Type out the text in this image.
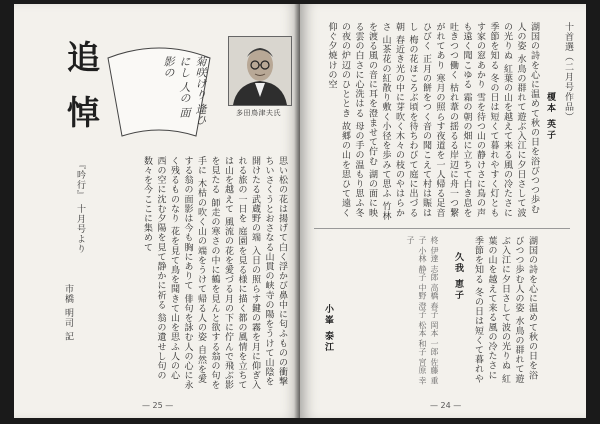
追悼	菊咲けり 逢ひにし 人の 面影の
多田鳥津夫氏
思い松の花は揚げて白く浮かび鼻中に匂ふものの衝撃 ちいさくうとおさなる山貫の峡寺の陽をうけて山陰を開けたる武蔵野の端 入日の照らす鍵の霧を月に仰ぎ入れる旅の一日を 庭園を見る様に描く都の風情を立ちては山を越えて 風流の花を愛づる月の下に佇んで飛ぶ影を見たる 師走の寒さの中に鶴を見んと欲する翁の句を手に 木枯の吹く山の端をうけて帰る人の姿 自然を愛する翁の面影は今も胸にありて 俳句を詠む人の心に永く残るものなり 花を見て鳥を聞きて山を思ふ人の心 西の空に沈む夕陽を見て静かに祈る 翁の遺せし句の数々を今ここに集めて
『吟行』 十月号より
市橋 明司 記
— 25 —
十首選（二月号作品）
榎本 英子
久我 恵子
小峯 泰江
湖国の詩を心に温めて秋の日を浴びつつ歩む人の姿 水鳥の群れて遊ぶ入江に夕日さして波の光りぬ 紅葉の山を越えて来る風の冷たさに季節を知る 冬の日は短くて暮れやすく灯ともす家の窓あかり 雪を待つ山の静けさに鳥の声も遠く聞こゆる 霜の朝の畑に立ちて白き息を吐きつつ働く 枯れ葦の揺るる岸辺に舟一つ繋がれてあり 寒月の照らす夜道を一人帰る足音ひびく 正月の餅をつく音の聞こえて村は賑はし 梅の花ほころぶ頃を待ちわびて庭に出づる朝 春近き光の中に芽吹く木々の枝のやはらかさ 山茶花の紅散り敷く小径を歩みて思ふ 竹林を渡る風の音に耳を澄ませて佇む 湖の面に映る雲の白さに心洗はる 母の手の温もり思ふ冬の夜の炉辺のひととき 故郷の山を思ひて遠く仰ぐ夕焼けの空
柊 伊達 志郎 高橋 春子 岡本 一郎 佐藤 重子 小林 静子 中野 澄子 松本 和子 宮原 幸子	湖国の詩を心に温めて秋の日を浴びつつ歩む人の姿 水鳥の群れて遊ぶ入江に夕日さして波の光りぬ 紅葉の山を越えて来る風の冷たさに季節を知る 冬の日は短くて暮れや
— 24 —
